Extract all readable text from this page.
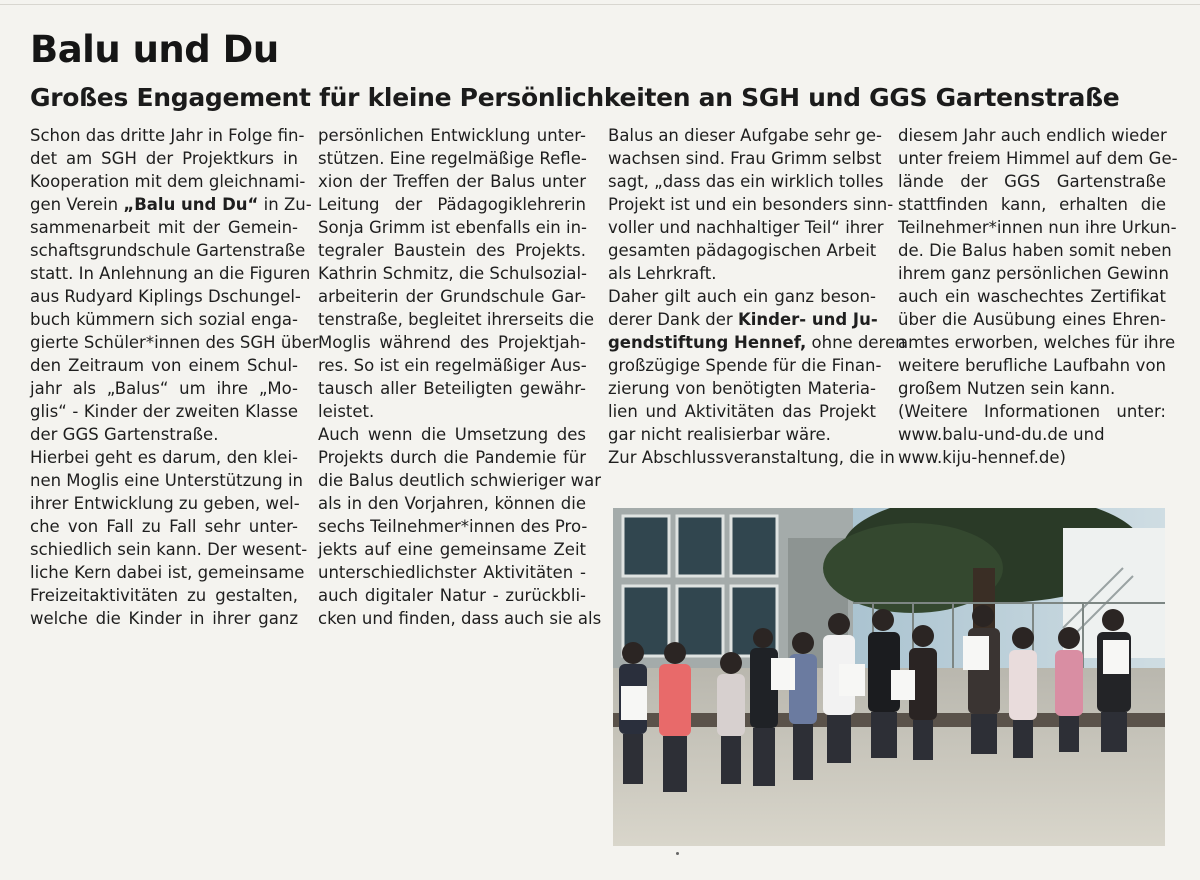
Balu und Du
Großes Engagement für kleine Persönlichkeiten an SGH und GGS Gartenstraße
Schon das dritte Jahr in Folge fin-
det am SGH der Projektkurs in
Kooperation mit dem gleichnami-
gen Verein „Balu und Du“ in Zu-
sammenarbeit mit der Gemein-
schaftsgrundschule Gartenstraße
statt. In Anlehnung an die Figuren
aus Rudyard Kiplings Dschungel-
buch kümmern sich sozial enga-
gierte Schüler*innen des SGH über
den Zeitraum von einem Schul-
jahr als „Balus“ um ihre „Mo-
glis“ - Kinder der zweiten Klasse
der GGS Gartenstraße.
Hierbei geht es darum, den klei-
nen Moglis eine Unterstützung in
ihrer Entwicklung zu geben, wel-
che von Fall zu Fall sehr unter-
schiedlich sein kann. Der wesent-
liche Kern dabei ist, gemeinsame
Freizeitaktivitäten zu gestalten,
welche die Kinder in ihrer ganz
persönlichen Entwicklung unter-
stützen. Eine regelmäßige Refle-
xion der Treffen der Balus unter
Leitung der Pädagogiklehrerin
Sonja Grimm ist ebenfalls ein in-
tegraler Baustein des Projekts.
Kathrin Schmitz, die Schulsozial-
arbeiterin der Grundschule Gar-
tenstraße, begleitet ihrerseits die
Moglis während des Projektjah-
res. So ist ein regelmäßiger Aus-
tausch aller Beteiligten gewähr-
leistet.
Auch wenn die Umsetzung des
Projekts durch die Pandemie für
die Balus deutlich schwieriger war
als in den Vorjahren, können die
sechs Teilnehmer*innen des Pro-
jekts auf eine gemeinsame Zeit
unterschiedlichster Aktivitäten -
auch digitaler Natur - zurückbli-
cken und finden, dass auch sie als
Balus an dieser Aufgabe sehr ge-
wachsen sind. Frau Grimm selbst
sagt, „dass das ein wirklich tolles
Projekt ist und ein besonders sinn-
voller und nachhaltiger Teil“ ihrer
gesamten pädagogischen Arbeit
als Lehrkraft.
Daher gilt auch ein ganz beson-
derer Dank der Kinder- und Ju-
gendstiftung Hennef, ohne deren
großzügige Spende für die Finan-
zierung von benötigten Materia-
lien und Aktivitäten das Projekt
gar nicht realisierbar wäre.
Zur Abschlussveranstaltung, die in
diesem Jahr auch endlich wieder
unter freiem Himmel auf dem Ge-
lände der GGS Gartenstraße
stattfinden kann, erhalten die
Teilnehmer*innen nun ihre Urkun-
de. Die Balus haben somit neben
ihrem ganz persönlichen Gewinn
auch ein waschechtes Zertifikat
über die Ausübung eines Ehren-
amtes erworben, welches für ihre
weitere berufliche Laufbahn von
großem Nutzen sein kann.
(Weitere Informationen unter:
www.balu-und-du.de und
www.kiju-hennef.de)
